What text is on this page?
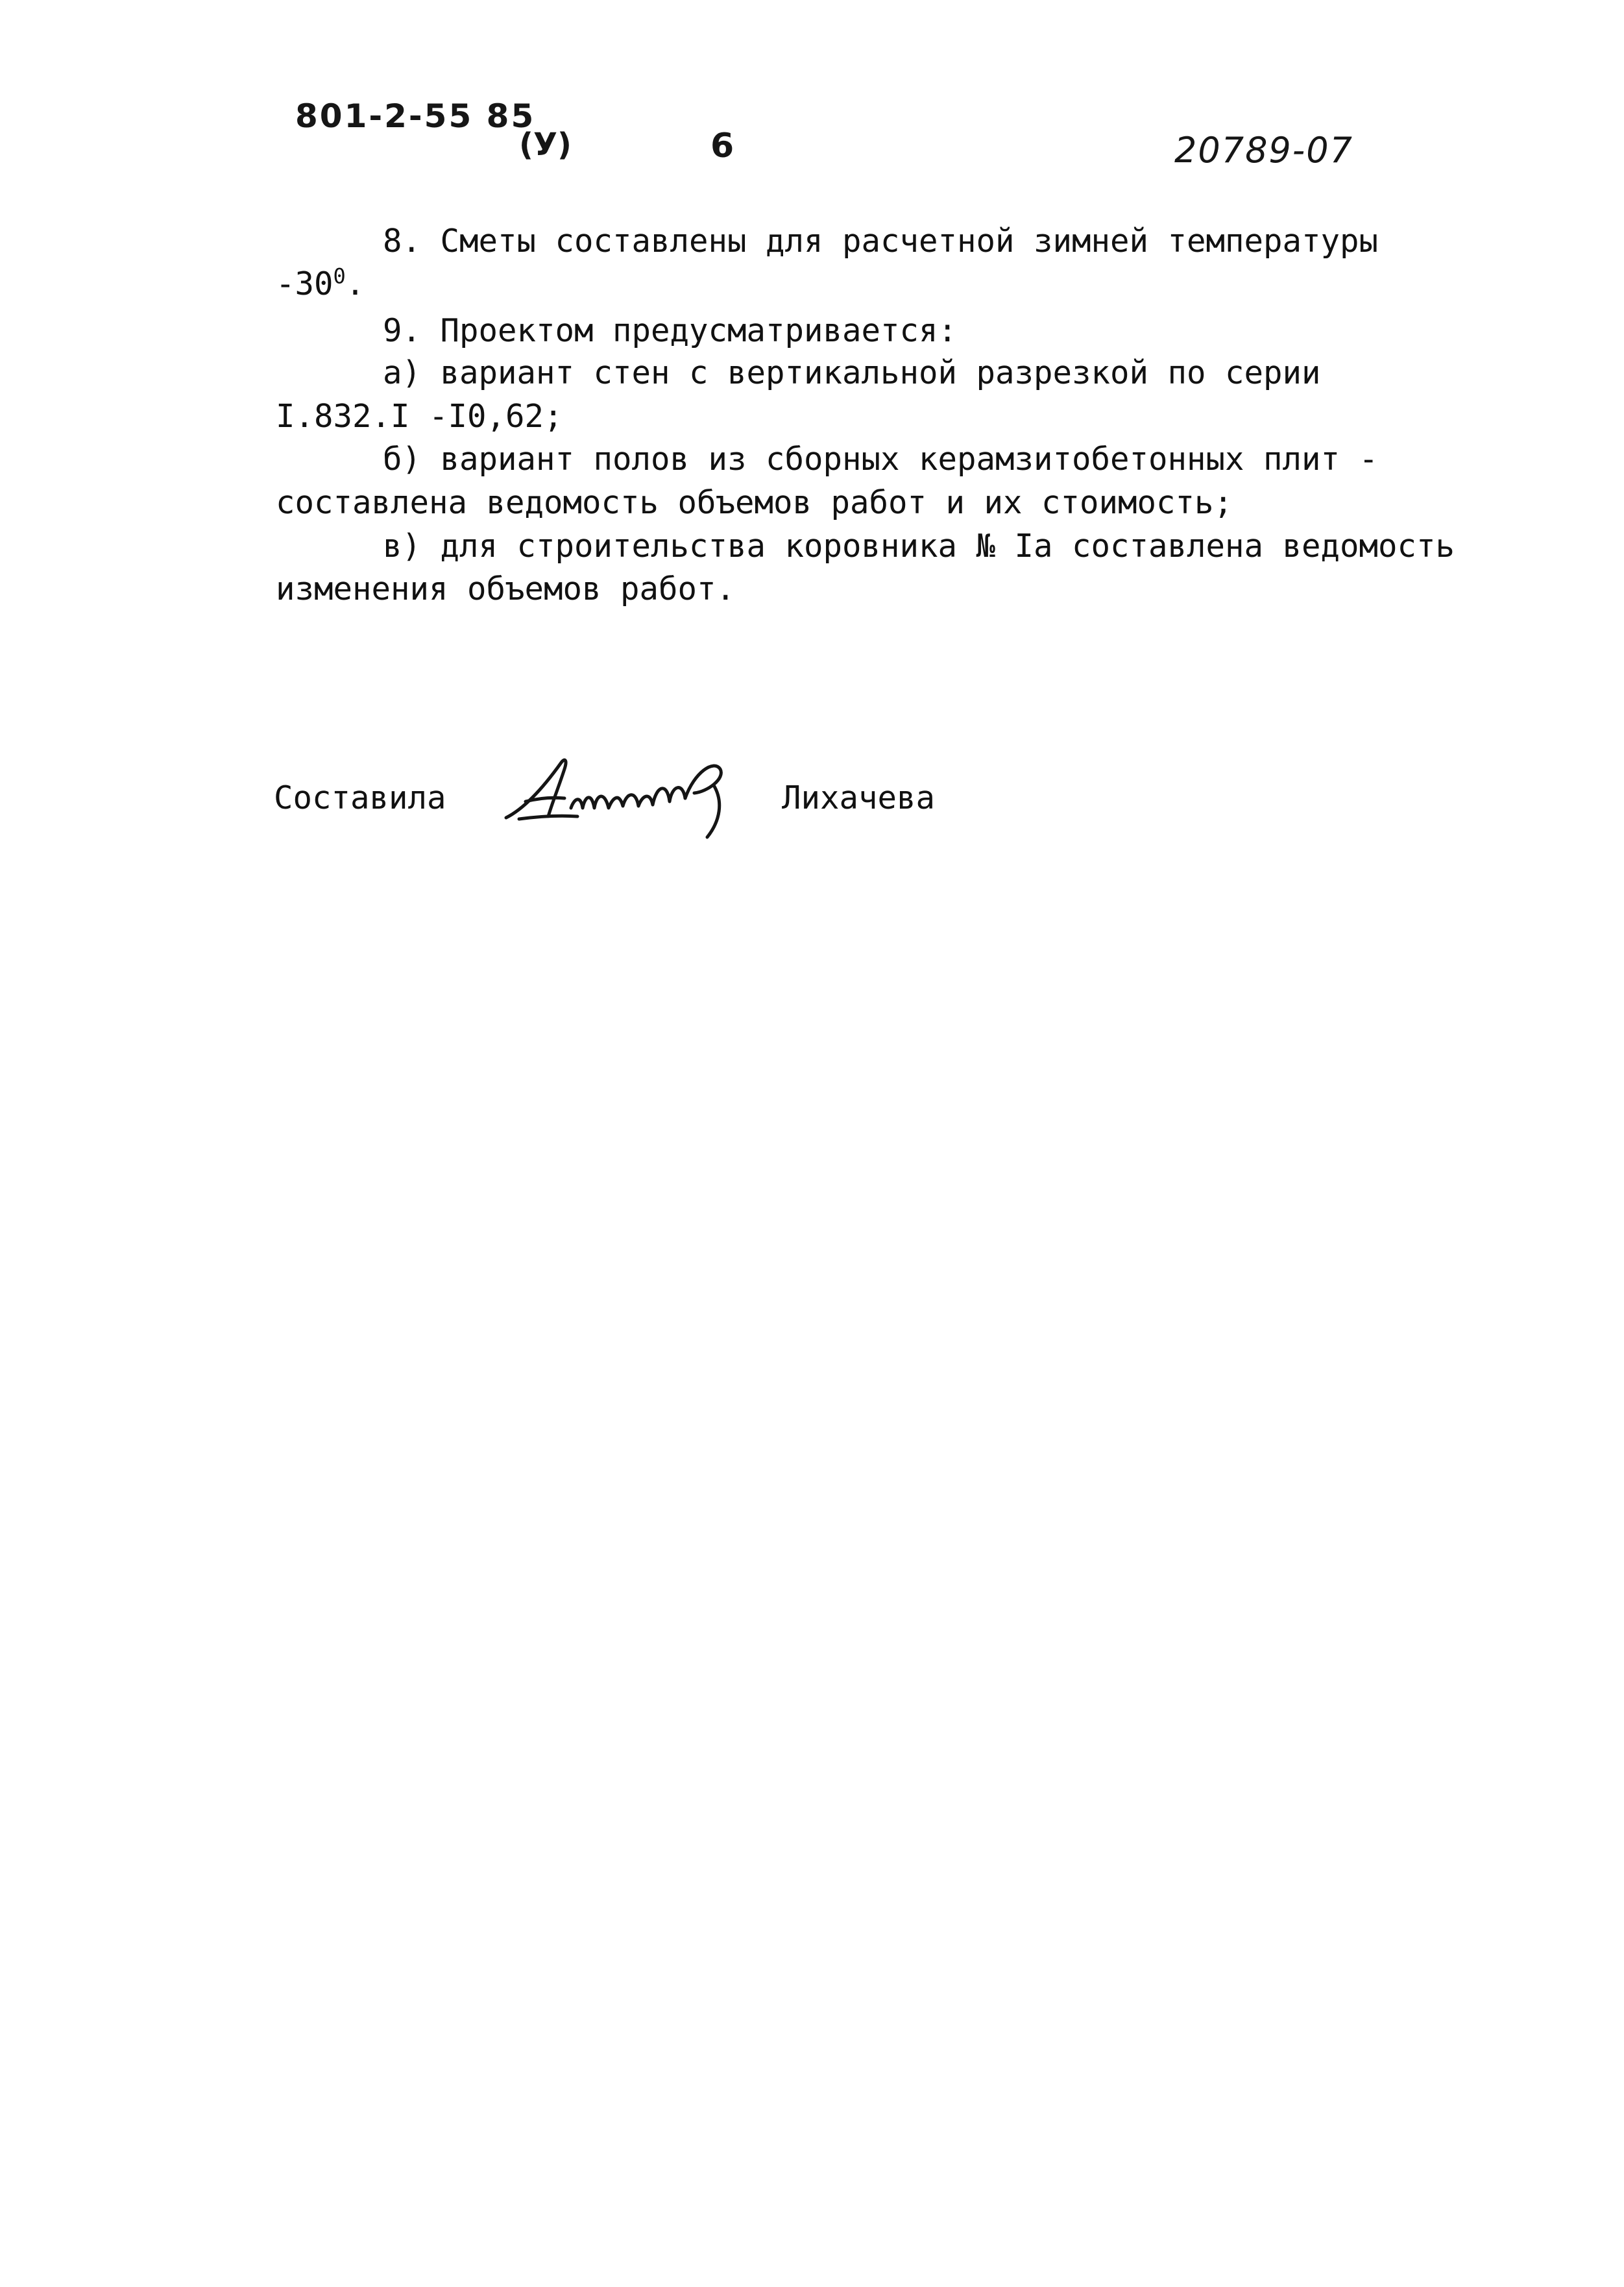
801-2-55 85
(У)	6	20789-07
8. Сметы составлены для расчетной зимней температуры
$-30^0$.
9. Проектом предусматривается:
а) вариант стен с вертикальной разрезкой по серии
I.832.I -I0,62;
б) вариант полов из сборных керамзитобетонных плит -
составлена ведомость объемов работ и их стоимость;
в) для строительства коровника № Iа составлена ведомость
изменения объемов работ.
Составила	Лихачева
